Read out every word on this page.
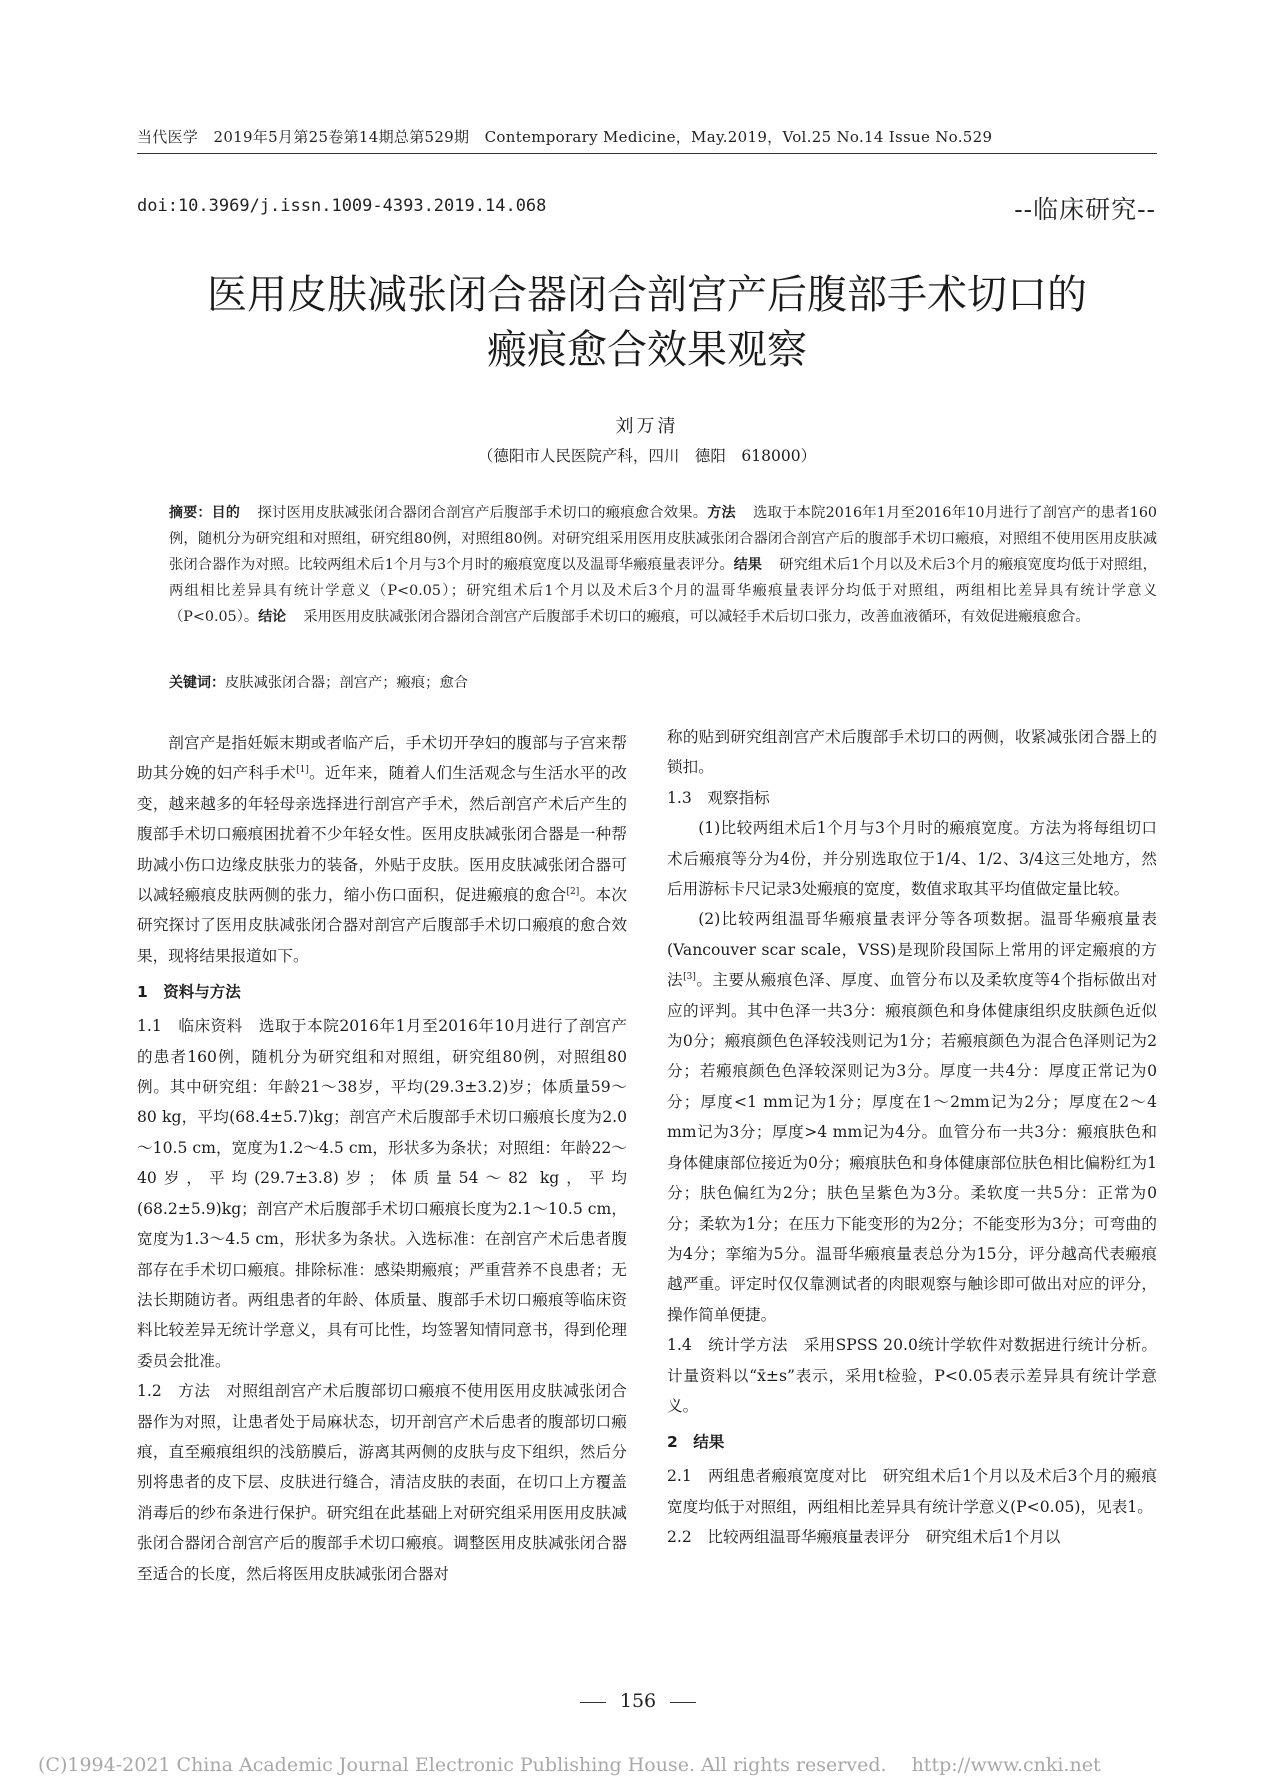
当代医学　2019年5月第25卷第14期总第529期　Contemporary Medicine，May.2019，Vol.25 No.14 Issue No.529
doi:10.3969/j.issn.1009-4393.2019.14.068	--临床研究--
医用皮肤减张闭合器闭合剖宫产后腹部手术切口的
瘢痕愈合效果观察
刘万清
（德阳市人民医院产科，四川　德阳　618000）
摘要：目的 探讨医用皮肤减张闭合器闭合剖宫产后腹部手术切口的瘢痕愈合效果。方法 选取于本院2016年1月至2016年10月进行了剖宫产的患者160例，随机分为研究组和对照组，研究组80例，对照组80例。对研究组采用医用皮肤减张闭合器闭合剖宫产后的腹部手术切口瘢痕，对照组不使用医用皮肤减张闭合器作为对照。比较两组术后1个月与3个月时的瘢痕宽度以及温哥华瘢痕量表评分。结果 研究组术后1个月以及术后3个月的瘢痕宽度均低于对照组，两组相比差异具有统计学意义（P<0.05）；研究组术后1个月以及术后3个月的温哥华瘢痕量表评分均低于对照组，两组相比差异具有统计学意义（P<0.05）。结论 采用医用皮肤减张闭合器闭合剖宫产后腹部手术切口的瘢痕，可以减轻手术后切口张力，改善血液循环，有效促进瘢痕愈合。
关键词：皮肤减张闭合器；剖宫产；瘢痕；愈合

剖宫产是指妊娠末期或者临产后，手术切开孕妇的腹部与子宫来帮助其分娩的妇产科手术[1]。近年来，随着人们生活观念与生活水平的改变，越来越多的年轻母亲选择进行剖宫产手术，然后剖宫产术后产生的腹部手术切口瘢痕困扰着不少年轻女性。医用皮肤减张闭合器是一种帮助减小伤口边缘皮肤张力的装备，外贴于皮肤。医用皮肤减张闭合器可以减轻瘢痕皮肤两侧的张力，缩小伤口面积，促进瘢痕的愈合[2]。本次研究探讨了医用皮肤减张闭合器对剖宫产后腹部手术切口瘢痕的愈合效果，现将结果报道如下。

1　资料与方法

1.1　临床资料　选取于本院2016年1月至2016年10月进行了剖宫产的患者160例，随机分为研究组和对照组，研究组80例，对照组80例。其中研究组：年龄21～38岁，平均(29.3±3.2)岁；体质量59～80 kg，平均(68.4±5.7)kg；剖宫产术后腹部手术切口瘢痕长度为2.0～10.5 cm，宽度为1.2～4.5 cm，形状多为条状；对照组：年龄22～40岁，平均(29.7±3.8)岁；体质量54～82 kg，平均(68.2±5.9)kg；剖宫产术后腹部手术切口瘢痕长度为2.1～10.5 cm，宽度为1.3～4.5 cm，形状多为条状。入选标准：在剖宫产术后患者腹部存在手术切口瘢痕。排除标准：感染期瘢痕；严重营养不良患者；无法长期随访者。两组患者的年龄、体质量、腹部手术切口瘢痕等临床资料比较差异无统计学意义，具有可比性，均签署知情同意书，得到伦理委员会批准。

1.2　方法　对照组剖宫产术后腹部切口瘢痕不使用医用皮肤减张闭合器作为对照，让患者处于局麻状态，切开剖宫产术后患者的腹部切口瘢痕，直至瘢痕组织的浅筋膜后，游离其两侧的皮肤与皮下组织，然后分别将患者的皮下层、皮肤进行缝合，清洁皮肤的表面，在切口上方覆盖消毒后的纱布条进行保护。研究组在此基础上对研究组采用医用皮肤减张闭合器闭合剖宫产后的腹部手术切口瘢痕。调整医用皮肤减张闭合器至适合的长度，然后将医用皮肤减张闭合器对

称的贴到研究组剖宫产术后腹部手术切口的两侧，收紧减张闭合器上的锁扣。

1.3　观察指标

(1)比较两组术后1个月与3个月时的瘢痕宽度。方法为将每组切口术后瘢痕等分为4份，并分别选取位于1/4、1/2、3/4这三处地方，然后用游标卡尺记录3处瘢痕的宽度，数值求取其平均值做定量比较。

(2)比较两组温哥华瘢痕量表评分等各项数据。温哥华瘢痕量表(Vancouver scar scale，VSS)是现阶段国际上常用的评定瘢痕的方法[3]。主要从瘢痕色泽、厚度、血管分布以及柔软度等4个指标做出对应的评判。其中色泽一共3分：瘢痕颜色和身体健康组织皮肤颜色近似为0分；瘢痕颜色色泽较浅则记为1分；若瘢痕颜色为混合色泽则记为2分；若瘢痕颜色色泽较深则记为3分。厚度一共4分：厚度正常记为0分；厚度<1 mm记为1分；厚度在1～2mm记为2分；厚度在2～4 mm记为3分；厚度>4 mm记为4分。血管分布一共3分：瘢痕肤色和身体健康部位接近为0分；瘢痕肤色和身体健康部位肤色相比偏粉红为1分；肤色偏红为2分；肤色呈紫色为3分。柔软度一共5分：正常为0分；柔软为1分；在压力下能变形的为2分；不能变形为3分；可弯曲的为4分；挛缩为5分。温哥华瘢痕量表总分为15分，评分越高代表瘢痕越严重。评定时仅仅靠测试者的肉眼观察与触诊即可做出对应的评分，操作简单便捷。

1.4　统计学方法　采用SPSS 20.0统计学软件对数据进行统计分析。计量资料以“x̄±s”表示，采用t检验，P<0.05表示差异具有统计学意义。

2　结果

2.1　两组患者瘢痕宽度对比　研究组术后1个月以及术后3个月的瘢痕宽度均低于对照组，两组相比差异具有统计学意义(P<0.05)，见表1。

2.2　比较两组温哥华瘢痕量表评分　研究组术后1个月以

156
(C)1994-2021 China Academic Journal Electronic Publishing House. All rights reserved.　 http://www.cnki.net
